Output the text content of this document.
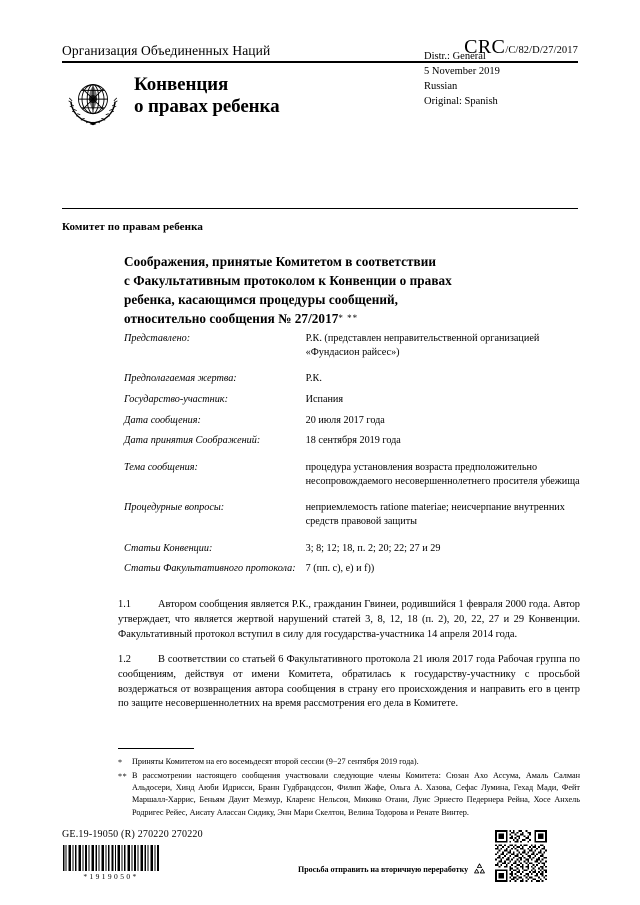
Организация Объединенных Наций	CRC /C/82/D/27/2017
Конвенция
о правах ребенка
Distr.: General
5 November 2019
Russian
Original: Spanish
Комитет по правам ребенка
Соображения, принятые Комитетом в соответствии
с Факультативным протоколом к Конвенции о правах
ребенка, касающимся процедуры сообщений,
относительно сообщения № 27/2017* **
Представлено:	Р.К. (представлен неправительственной организацией «Фундасион рaйсес»)
Предполагаемая жертва:	Р.К.
Государство-участник:	Испания
Дата сообщения:	20 июля 2017 года
Дата принятия Соображений:	18 сентября 2019 года
Тема сообщения:	процедура установления возраста предположительно несопровождаемого несовершеннолетнего просителя убежища
Процедурные вопросы:	неприемлемость ratione materiae; неисчерпание внутренних средств правовой защиты
Статьи Конвенции:	3; 8; 12; 18, п. 2; 20; 22; 27 и 29
Статьи Факультативного протокола:	7 (пп. c), e) и f))
1.1	Автором сообщения является Р.К., гражданин Гвинеи, родившийся 1 февраля 2000 года. Автор утверждает, что является жертвой нарушений статей 3, 8, 12, 18 (п. 2), 20, 22, 27 и 29 Конвенции. Факультативный протокол вступил в силу для государства-участника 14 апреля 2014 года.
1.2	В соответствии со статьей 6 Факультативного протокола 21 июля 2017 года Рабочая группа по сообщениям, действуя от имени Комитета, обратилась к государству-участнику с просьбой воздержаться от возвращения автора сообщения в страну его происхождения и направить его в центр по защите несовершеннолетних на время рассмотрения его дела в Комитете.
*	Приняты Комитетом на его восемьдесят второй сессии (9−27 сентября 2019 года).
** В рассмотрении настоящего сообщения участвовали следующие члены Комитета: Сюзан Ахо Ассума, Амаль Салман Альдосери, Хинд Аюби Идрисси, Бранн Гудбрандссон, Филип Жафе, Ольга А. Хазова, Сефас Лумина, Гехад Мади, Фейт Маршалл-Харрис, Беньям Дауит Мезмур, Кларенс Нельсон, Микико Отани, Луис Эрнесто Педернера Рейна, Хосе Анхель Родригес Рейес, Аисату Алассан Сидику, Энн Мари Скелтон, Велина Тодорова и Ренате Винтер.
GE.19-19050 (R) 270220 270220
*1919050*
Просьба отправить на вторичную переработку
